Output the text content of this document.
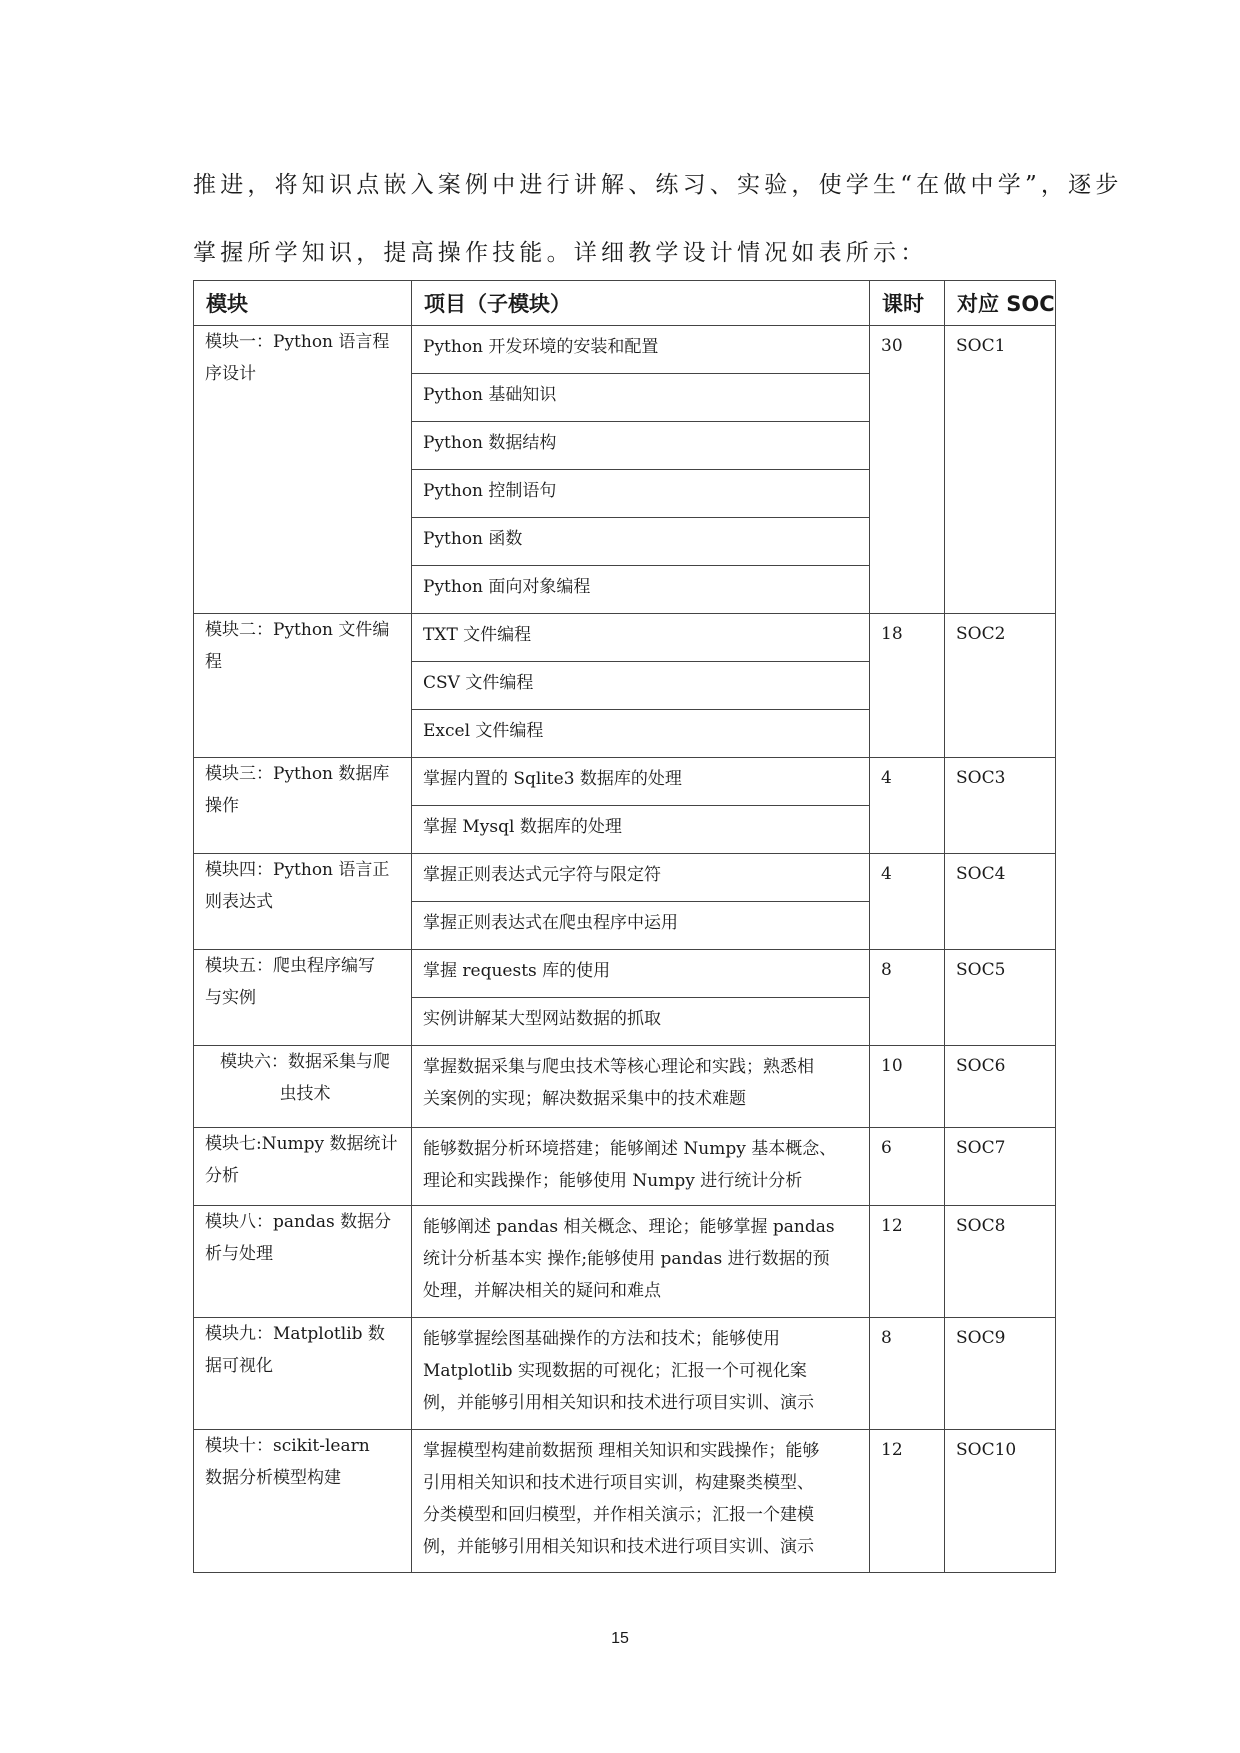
推进，将知识点嵌入案例中进行讲解、练习、实验，使学生“在做中学”，逐步

掌握所学知识，提高操作技能。详细教学设计情况如表所示：

模块	项目（子模块）	课时	对应 SOC

模块一：Python 语言程
序设计	Python 开发环境的安装和配置	30	SOC1

	Python 基础知识		

	Python 数据结构		

	Python 控制语句		

	Python 函数		

	Python 面向对象编程		

模块二：Python 文件编
程	TXT 文件编程	18	SOC2

	CSV 文件编程		

	Excel 文件编程		

模块三：Python 数据库
操作	掌握内置的 Sqlite3 数据库的处理	4	SOC3

	掌握 Mysql 数据库的处理		

模块四：Python 语言正
则表达式	掌握正则表达式元字符与限定符	4	SOC4

	掌握正则表达式在爬虫程序中运用		

模块五：爬虫程序编写
与实例	掌握 requests 库的使用	8	SOC5

	实例讲解某大型网站数据的抓取		

模块六：数据采集与爬
虫技术	掌握数据采集与爬虫技术等核心理论和实践；熟悉相
关案例的实现；解决数据采集中的技术难题	10	SOC6

模块七:Numpy 数据统计
分析	能够数据分析环境搭建；能够阐述 Numpy 基本概念、
理论和实践操作；能够使用 Numpy 进行统计分析	6	SOC7

模块八：pandas 数据分
析与处理	能够阐述 pandas 相关概念、理论；能够掌握 pandas
统计分析基本实 操作;能够使用 pandas 进行数据的预
处理，并解决相关的疑问和难点	12	SOC8

模块九：Matplotlib 数
据可视化	能够掌握绘图基础操作的方法和技术；能够使用
Matplotlib 实现数据的可视化；汇报一个可视化案
例，并能够引用相关知识和技术进行项目实训、演示	8	SOC9

模块十：scikit-learn
数据分析模型构建	掌握模型构建前数据预 理相关知识和实践操作；能够
引用相关知识和技术进行项目实训，构建聚类模型、
分类模型和回归模型，并作相关演示；汇报一个建模
例，并能够引用相关知识和技术进行项目实训、演示	12	SOC10
15
